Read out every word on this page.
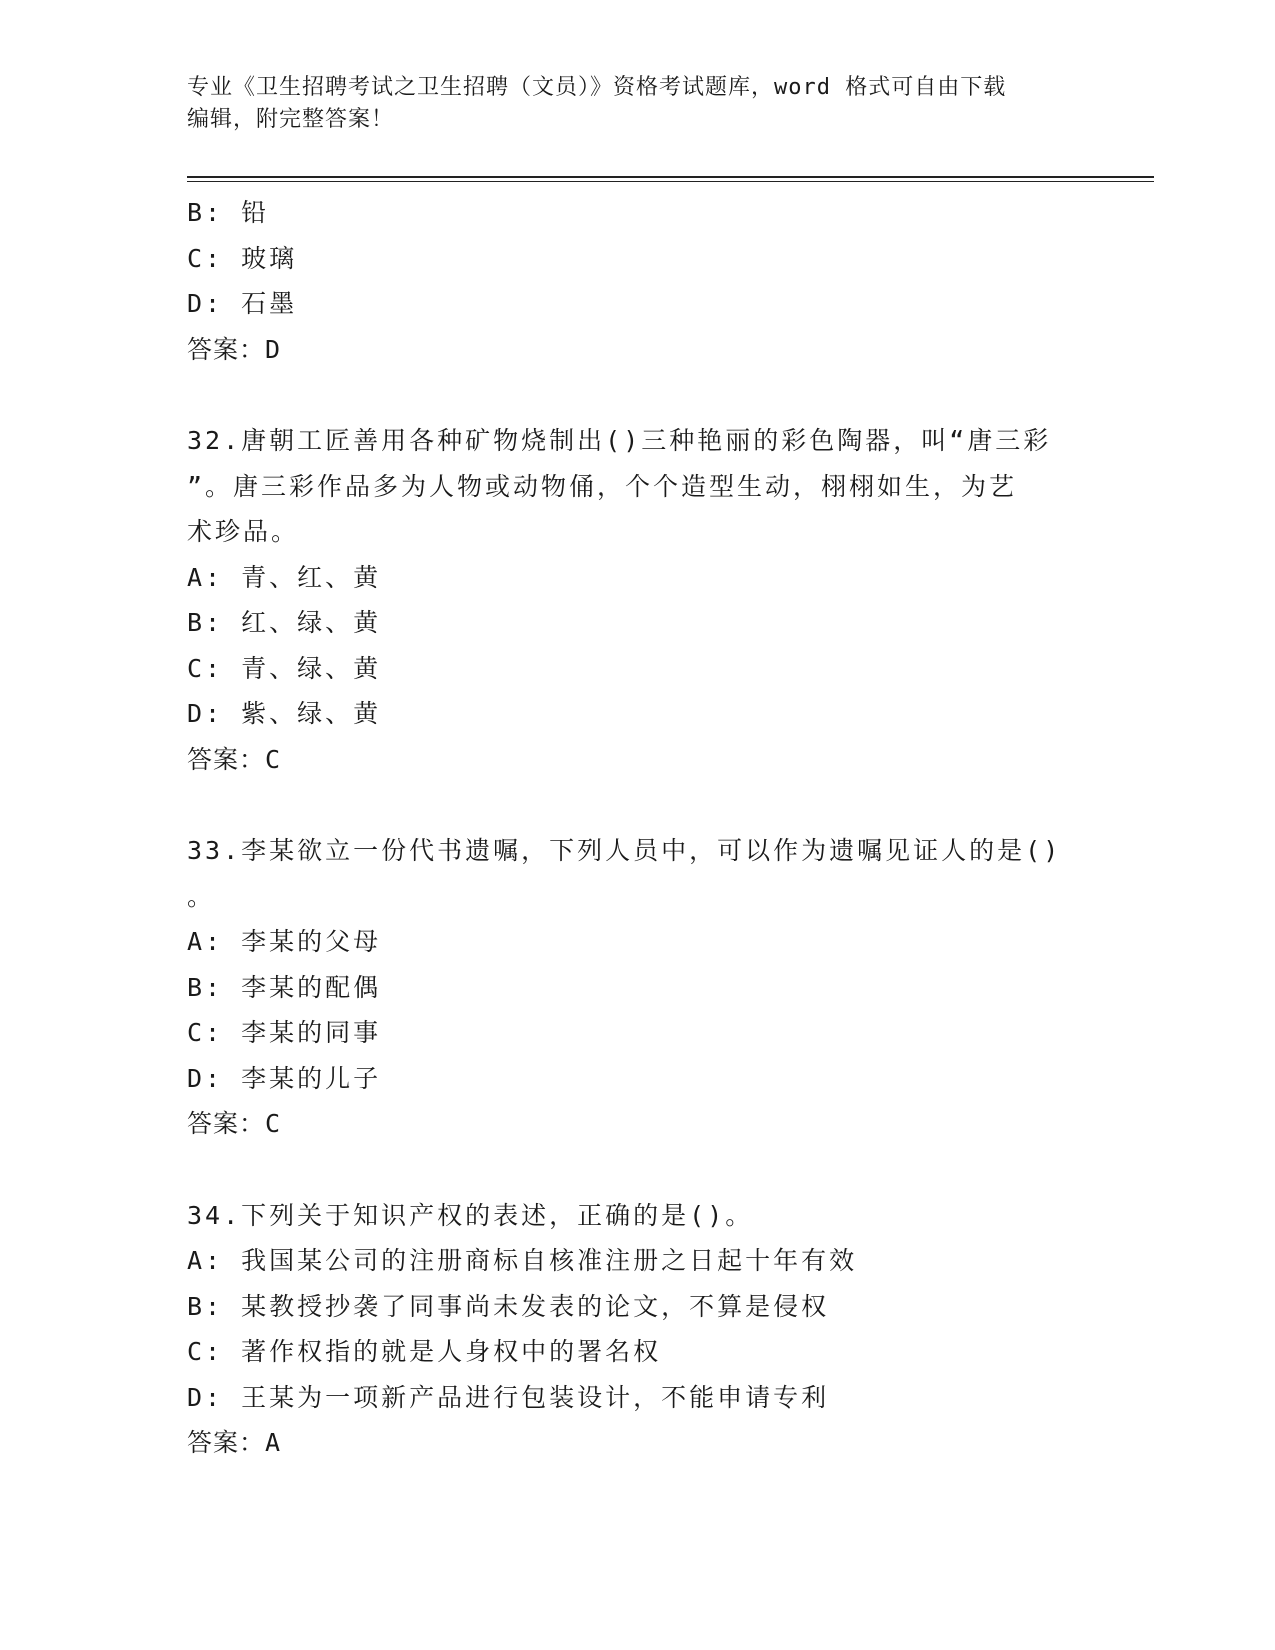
专业《卫生招聘考试之卫生招聘（文员）》资格考试题库，word 格式可自由下载
编辑，附完整答案！
B: 铅
C: 玻璃
D: 石墨
答案：D
32.唐朝工匠善用各种矿物烧制出()三种艳丽的彩色陶器，叫“唐三彩
”。唐三彩作品多为人物或动物俑，个个造型生动，栩栩如生，为艺
术珍品。
A: 青、红、黄
B: 红、绿、黄
C: 青、绿、黄
D: 紫、绿、黄
答案：C
33.李某欲立一份代书遗嘱，下列人员中，可以作为遗嘱见证人的是()
。
A: 李某的父母
B: 李某的配偶
C: 李某的同事
D: 李某的儿子
答案：C
34.下列关于知识产权的表述，正确的是()。
A: 我国某公司的注册商标自核准注册之日起十年有效
B: 某教授抄袭了同事尚未发表的论文，不算是侵权
C: 著作权指的就是人身权中的署名权
D: 王某为一项新产品进行包装设计，不能申请专利
答案：A
